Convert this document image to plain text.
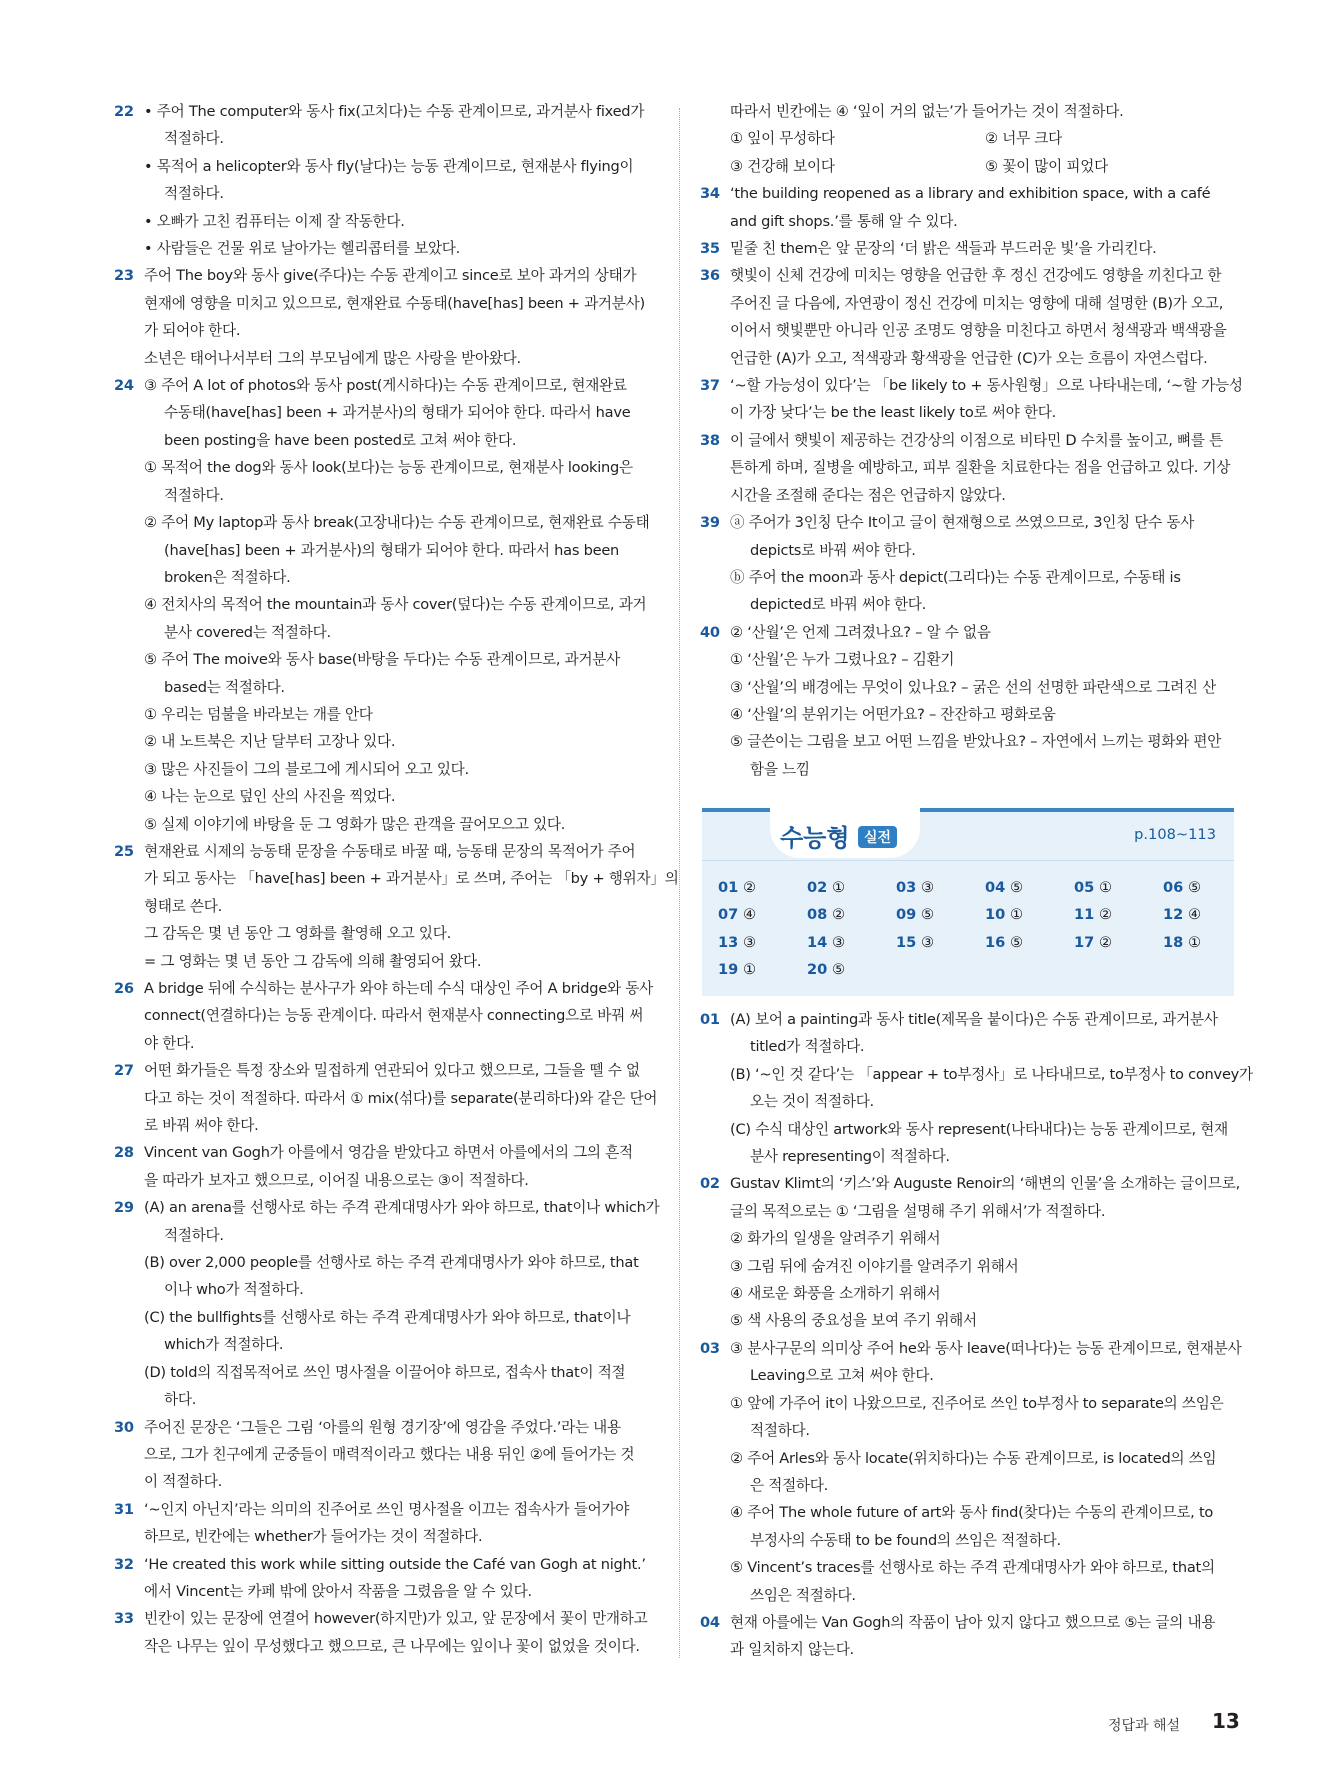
22 • 주어 The computer와 동사 fix(고치다)는 수동 관계이므로, 과거분사 fixed가
적절하다.
• 목적어 a helicopter와 동사 fly(날다)는 능동 관계이므로, 현재분사 flying이
적절하다.
• 오빠가 고친 컴퓨터는 이제 잘 작동한다.
• 사람들은 건물 위로 날아가는 헬리콥터를 보았다.
23 주어 The boy와 동사 give(주다)는 수동 관계이고 since로 보아 과거의 상태가
현재에 영향을 미치고 있으므로, 현재완료 수동태(have[has] been + 과거분사)
가 되어야 한다.
소년은 태어나서부터 그의 부모님에게 많은 사랑을 받아왔다.
24 ③ 주어 A lot of photos와 동사 post(게시하다)는 수동 관계이므로, 현재완료
수동태(have[has] been + 과거분사)의 형태가 되어야 한다. 따라서 have
been posting을 have been posted로 고쳐 써야 한다.
① 목적어 the dog와 동사 look(보다)는 능동 관계이므로, 현재분사 looking은
적절하다.
② 주어 My laptop과 동사 break(고장내다)는 수동 관계이므로, 현재완료 수동태
(have[has] been + 과거분사)의 형태가 되어야 한다. 따라서 has been
broken은 적절하다.
④ 전치사의 목적어 the mountain과 동사 cover(덮다)는 수동 관계이므로, 과거
분사 covered는 적절하다.
⑤ 주어 The moive와 동사 base(바탕을 두다)는 수동 관계이므로, 과거분사
based는 적절하다.
① 우리는 덤불을 바라보는 개를 안다
② 내 노트북은 지난 달부터 고장나 있다.
③ 많은 사진들이 그의 블로그에 게시되어 오고 있다.
④ 나는 눈으로 덮인 산의 사진을 찍었다.
⑤ 실제 이야기에 바탕을 둔 그 영화가 많은 관객을 끌어모으고 있다.
25 현재완료 시제의 능동태 문장을 수동태로 바꿀 때, 능동태 문장의 목적어가 주어
가 되고 동사는 「have[has] been + 과거분사」로 쓰며, 주어는 「by + 행위자」의
형태로 쓴다.
그 감독은 몇 년 동안 그 영화를 촬영해 오고 있다.
= 그 영화는 몇 년 동안 그 감독에 의해 촬영되어 왔다.
26 A bridge 뒤에 수식하는 분사구가 와야 하는데 수식 대상인 주어 A bridge와 동사
connect(연결하다)는 능동 관계이다. 따라서 현재분사 connecting으로 바꿔 써
야 한다.
27 어떤 화가들은 특정 장소와 밀접하게 연관되어 있다고 했으므로, 그들을 뗄 수 없
다고 하는 것이 적절하다. 따라서 ① mix(섞다)를 separate(분리하다)와 같은 단어
로 바꿔 써야 한다.
28 Vincent van Gogh가 아를에서 영감을 받았다고 하면서 아를에서의 그의 흔적
을 따라가 보자고 했으므로, 이어질 내용으로는 ③이 적절하다.
29 (A) an arena를 선행사로 하는 주격 관계대명사가 와야 하므로, that이나 which가
적절하다.
(B) over 2,000 people를 선행사로 하는 주격 관계대명사가 와야 하므로, that
이나 who가 적절하다.
(C) the bullfights를 선행사로 하는 주격 관계대명사가 와야 하므로, that이나
which가 적절하다.
(D) told의 직접목적어로 쓰인 명사절을 이끌어야 하므로, 접속사 that이 적절
하다.
30 주어진 문장은 ‘그들은 그림 ‘아를의 원형 경기장’에 영감을 주었다.’라는 내용
으로, 그가 친구에게 군중들이 매력적이라고 했다는 내용 뒤인 ②에 들어가는 것
이 적절하다.
31 ‘~인지 아닌지’라는 의미의 진주어로 쓰인 명사절을 이끄는 접속사가 들어가야
하므로, 빈칸에는 whether가 들어가는 것이 적절하다.
32 ‘He created this work while sitting outside the Café van Gogh at night.’
에서 Vincent는 카페 밖에 앉아서 작품을 그렸음을 알 수 있다.
33 빈칸이 있는 문장에 연결어 however(하지만)가 있고, 앞 문장에서 꽃이 만개하고
작은 나무는 잎이 무성했다고 했으므로, 큰 나무에는 잎이나 꽃이 없었을 것이다.
따라서 빈칸에는 ④ ‘잎이 거의 없는’가 들어가는 것이 적절하다.
① 잎이 무성하다	② 너무 크다
③ 건강해 보이다	⑤ 꽃이 많이 피었다
34 ‘the building reopened as a library and exhibition space, with a café
and gift shops.’를 통해 알 수 있다.
35 밑줄 친 them은 앞 문장의 ‘더 밝은 색들과 부드러운 빛’을 가리킨다.
36 햇빛이 신체 건강에 미치는 영향을 언급한 후 정신 건강에도 영향을 끼친다고 한
주어진 글 다음에, 자연광이 정신 건강에 미치는 영향에 대해 설명한 (B)가 오고,
이어서 햇빛뿐만 아니라 인공 조명도 영향을 미친다고 하면서 청색광과 백색광을
언급한 (A)가 오고, 적색광과 황색광을 언급한 (C)가 오는 흐름이 자연스럽다.
37 ‘~할 가능성이 있다’는 「be likely to + 동사원형」으로 나타내는데, ‘~할 가능성
이 가장 낮다’는 be the least likely to로 써야 한다.
38 이 글에서 햇빛이 제공하는 건강상의 이점으로 비타민 D 수치를 높이고, 뼈를 튼
튼하게 하며, 질병을 예방하고, 피부 질환을 치료한다는 점을 언급하고 있다. 기상
시간을 조절해 준다는 점은 언급하지 않았다.
39 ⓐ 주어가 3인칭 단수 It이고 글이 현재형으로 쓰였으므로, 3인칭 단수 동사
depicts로 바꿔 써야 한다.
ⓑ 주어 the moon과 동사 depict(그리다)는 수동 관계이므로, 수동태 is
depicted로 바꿔 써야 한다.
40 ② ‘산월’은 언제 그려졌나요? – 알 수 없음
① ‘산월’은 누가 그렸나요? – 김환기
③ ‘산월’의 배경에는 무엇이 있나요? – 굵은 선의 선명한 파란색으로 그려진 산
④ ‘산월’의 분위기는 어떤가요? – 잔잔하고 평화로움
⑤ 글쓴이는 그림을 보고 어떤 느낌을 받았나요? – 자연에서 느끼는 평화와 편안
함을 느낌
01 (A) 보어 a painting과 동사 title(제목을 붙이다)은 수동 관계이므로, 과거분사
titled가 적절하다.
(B) ‘~인 것 같다’는 「appear + to부정사」로 나타내므로, to부정사 to convey가
오는 것이 적절하다.
(C) 수식 대상인 artwork와 동사 represent(나타내다)는 능동 관계이므로, 현재
분사 representing이 적절하다.
02 Gustav Klimt의 ‘키스’와 Auguste Renoir의 ‘해변의 인물’을 소개하는 글이므로,
글의 목적으로는 ① ‘그림을 설명해 주기 위해서’가 적절하다.
② 화가의 일생을 알려주기 위해서
③ 그림 뒤에 숨겨진 이야기를 알려주기 위해서
④ 새로운 화풍을 소개하기 위해서
⑤ 색 사용의 중요성을 보여 주기 위해서
03 ③ 분사구문의 의미상 주어 he와 동사 leave(떠나다)는 능동 관계이므로, 현재분사
Leaving으로 고쳐 써야 한다.
① 앞에 가주어 it이 나왔으므로, 진주어로 쓰인 to부정사 to separate의 쓰임은
적절하다.
② 주어 Arles와 동사 locate(위치하다)는 수동 관계이므로, is located의 쓰임
은 적절하다.
④ 주어 The whole future of art와 동사 find(찾다)는 수동의 관계이므로, to
부정사의 수동태 to be found의 쓰임은 적절하다.
⑤ Vincent’s traces를 선행사로 하는 주격 관계대명사가 와야 하므로, that의
쓰임은 적절하다.
04 현재 아를에는 Van Gogh의 작품이 남아 있지 않다고 했으므로 ⑤는 글의 내용
과 일치하지 않는다.
수능형	실전	p.108~113
01 ②	02 ①	03 ③	04 ⑤	05 ①	06 ⑤
07 ④	08 ②	09 ⑤	10 ①	11 ②	12 ④
13 ③	14 ③	15 ③	16 ⑤	17 ②	18 ①
19 ①	20 ⑤
정답과 해설 13
